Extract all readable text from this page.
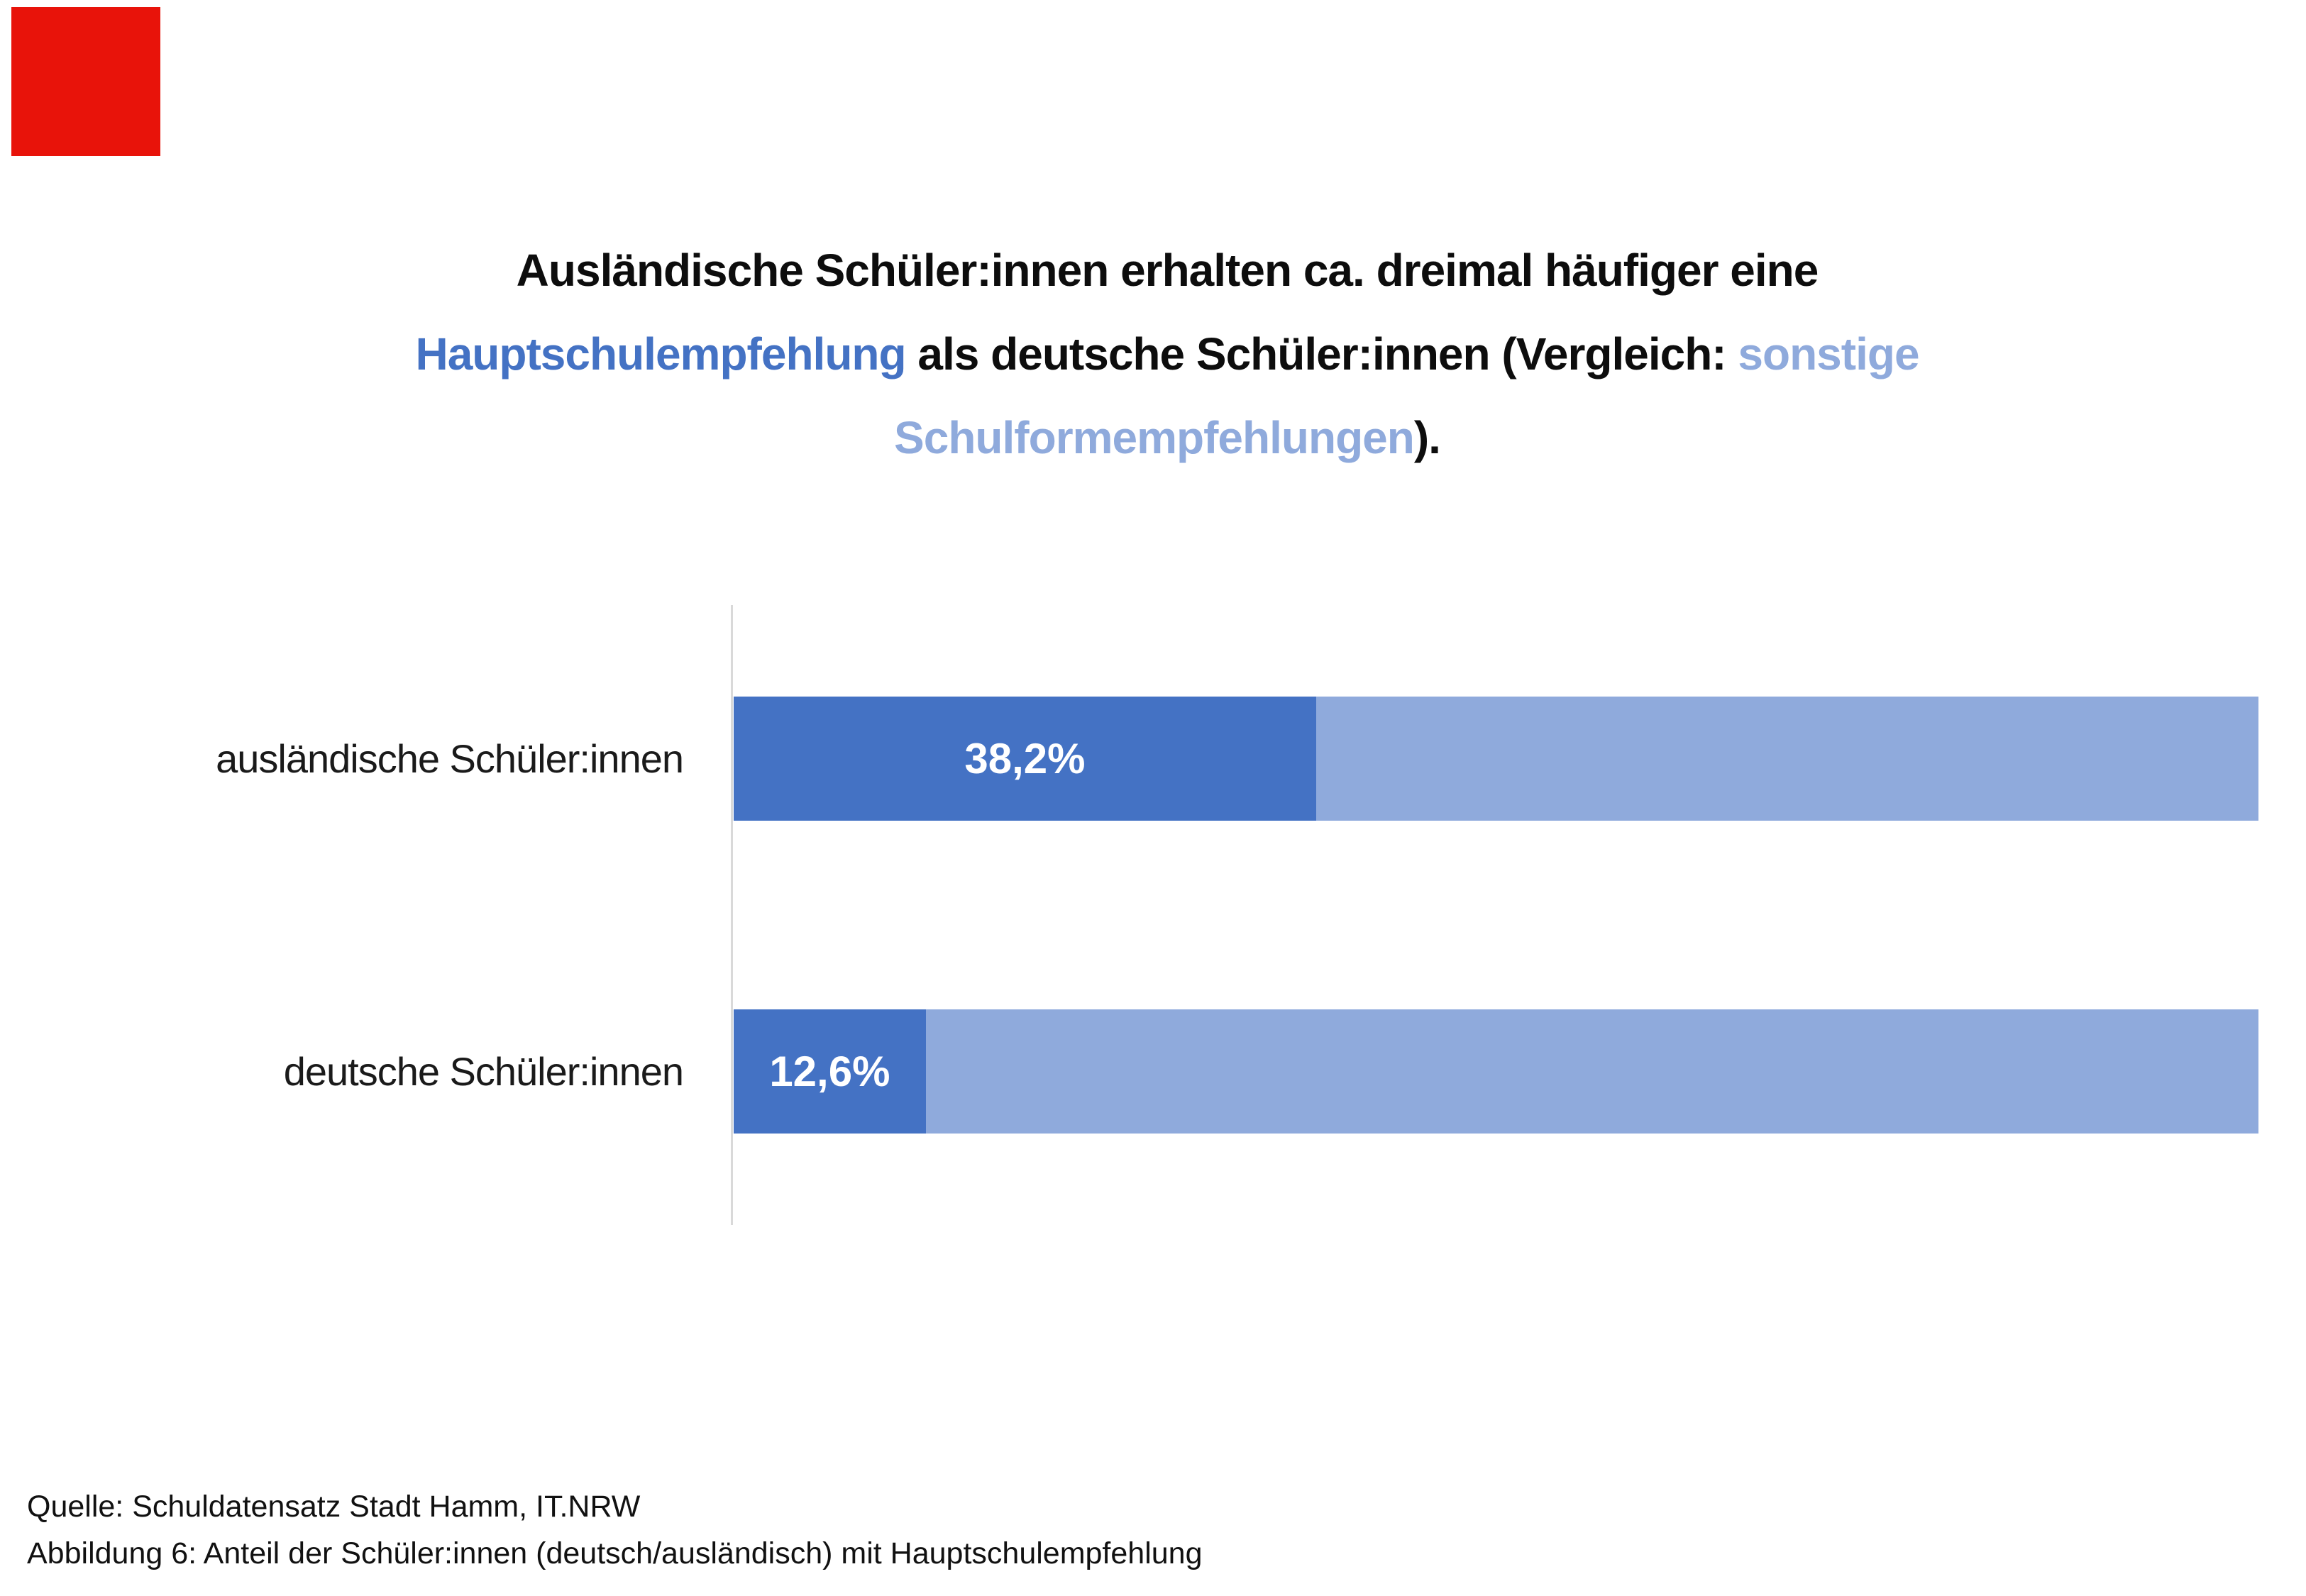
Ausländische Schüler:innen erhalten ca. dreimal häufiger eine
Hauptschulempfehlung als deutsche Schüler:innen (Vergleich: sonstige
Schulformempfehlungen).
ausländische Schüler:innen
deutsche Schüler:innen
38,2%
12,6%
Quelle: Schuldatensatz Stadt Hamm, IT.NRW
Abbildung 6: Anteil der Schüler:innen (deutsch/ausländisch) mit Hauptschulempfehlung
